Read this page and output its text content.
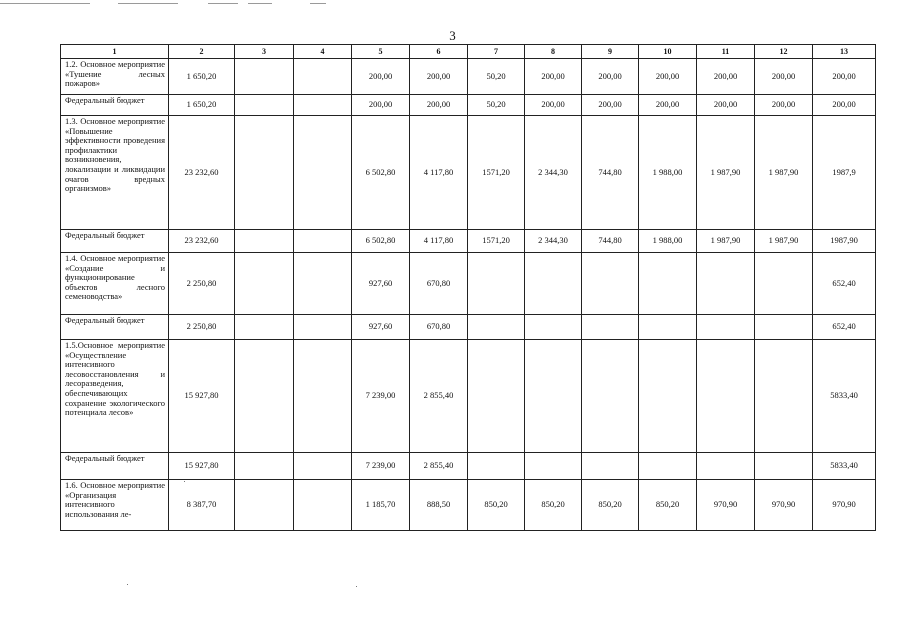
3
1	2	3	4	5	6	7	8	9	10	11	12	13
1.2. Основное мероприятие «Тушение лесных пожаров»	1 650,20			200,00	200,00	50,20	200,00	200,00	200,00	200,00	200,00	200,00
Федеральный бюджет	1 650,20			200,00	200,00	50,20	200,00	200,00	200,00	200,00	200,00	200,00
1.3. Основное мероприятие «Повышение эффективности проведения профилактики возникновения, локализации и ликвидации очагов вредных организмов»	23 232,60			6 502,80	4 117,80	1571,20	2 344,30	744,80	1 988,00	1 987,90	1 987,90	1987,9
Федеральный бюджет	23 232,60			6 502,80	4 117,80	1571,20	2 344,30	744,80	1 988,00	1 987,90	1 987,90	1987,90
1.4. Основное мероприятие «Создание и функционирование объектов лесного семеноводства»	2 250,80			927,60	670,80							652,40
Федеральный бюджет	2 250,80			927,60	670,80							652,40
1.5.Основное мероприятие «Осуществление интенсивного лесовосстановления и лесоразведения, обеспечивающих сохранение экологического потенциала лесов»	15 927,80			7 239,00	2 855,40							5833,40
Федеральный бюджет	15 927,80			7 239,00	2 855,40							5833,40
1.6. Основное мероприятие «Организация интенсивного использования ле-	8 387,70			1 185,70	888,50	850,20	850,20	850,20	850,20	970,90	970,90	970,90
